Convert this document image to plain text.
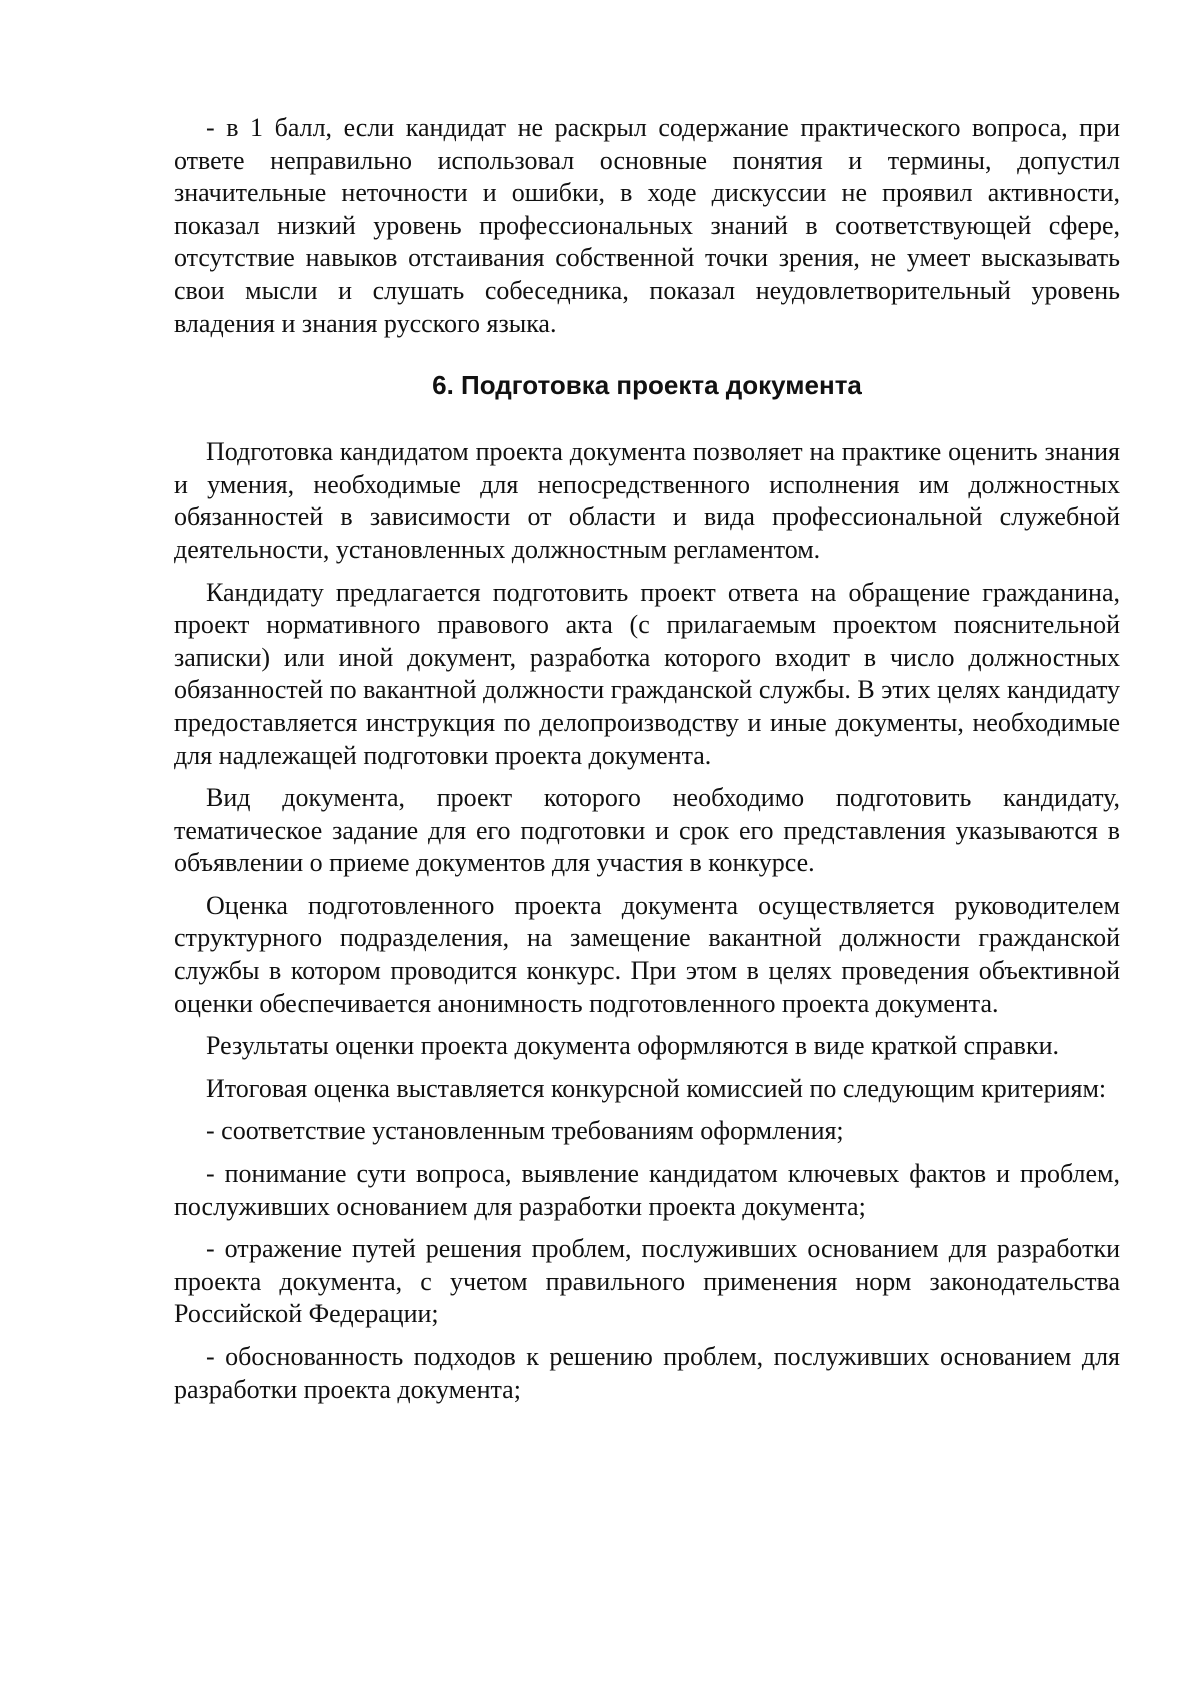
- в 1 балл, если кандидат не раскрыл содержание практического вопроса, при ответе неправильно использовал основные понятия и термины, допустил значительные неточности и ошибки, в ходе дискуссии не проявил активности, показал низкий уровень профессиональных знаний в соответствующей сфере, отсутствие навыков отстаивания собственной точки зрения, не умеет высказывать свои мысли и слушать собеседника, показал неудовлетворительный уровень владения и знания русского языка.

6. Подготовка проекта документа

Подготовка кандидатом проекта документа позволяет на практике оценить знания и умения, необходимые для непосредственного исполнения им должностных обязанностей в зависимости от области и вида профессиональной служебной деятельности, установленных должностным регламентом.

Кандидату предлагается подготовить проект ответа на обращение гражданина, проект нормативного правового акта (с прилагаемым проектом пояснительной записки) или иной документ, разработка которого входит в число должностных обязанностей по вакантной должности гражданской службы. В этих целях кандидату предоставляется инструкция по делопроизводству и иные документы, необходимые для надлежащей подготовки проекта документа.

Вид документа, проект которого необходимо подготовить кандидату, тематическое задание для его подготовки и срок его представления указываются в объявлении о приеме документов для участия в конкурсе.

Оценка подготовленного проекта документа осуществляется руководителем структурного подразделения, на замещение вакантной должности гражданской службы в котором проводится конкурс. При этом в целях проведения объективной оценки обеспечивается анонимность подготовленного проекта документа.

Результаты оценки проекта документа оформляются в виде краткой справки.

Итоговая оценка выставляется конкурсной комиссией по следующим критериям:

- соответствие установленным требованиям оформления;

- понимание сути вопроса, выявление кандидатом ключевых фактов и проблем, послуживших основанием для разработки проекта документа;

- отражение путей решения проблем, послуживших основанием для разработки проекта документа, с учетом правильного применения норм законодательства Российской Федерации;

- обоснованность подходов к решению проблем, послуживших основанием для разработки проекта документа;
